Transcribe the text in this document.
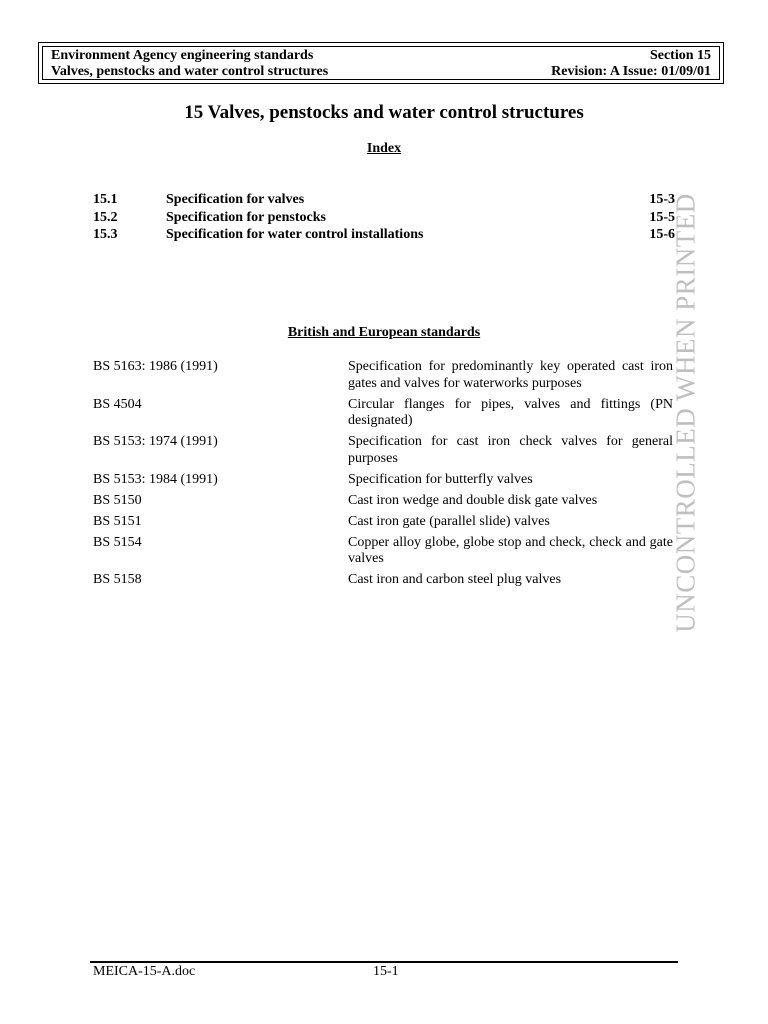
Environment Agency engineering standards	Section 15
Valves, penstocks and water control structures	Revision: A Issue: 01/09/01
15 Valves, penstocks and water control structures
Index
15.1	Specification for valves	15-3
15.2	Specification for penstocks	15-5
15.3	Specification for water control installations	15-6
British and European standards
BS 5163: 1986 (1991)	Specification for predominantly key operated cast iron gates and valves for waterworks purposes
BS 4504	Circular flanges for pipes, valves and fittings (PN designated)
BS 5153: 1974 (1991)	Specification for cast iron check valves for general purposes
BS 5153: 1984 (1991)	Specification for butterfly valves
BS 5150	Cast iron wedge and double disk gate valves
BS 5151	Cast iron gate (parallel slide) valves
BS 5154	Copper alloy globe, globe stop and check, check and gate valves
BS 5158	Cast iron and carbon steel plug valves	UNCONTROLLED WHEN PRINTED
MEICA-15-A.doc	15-1
